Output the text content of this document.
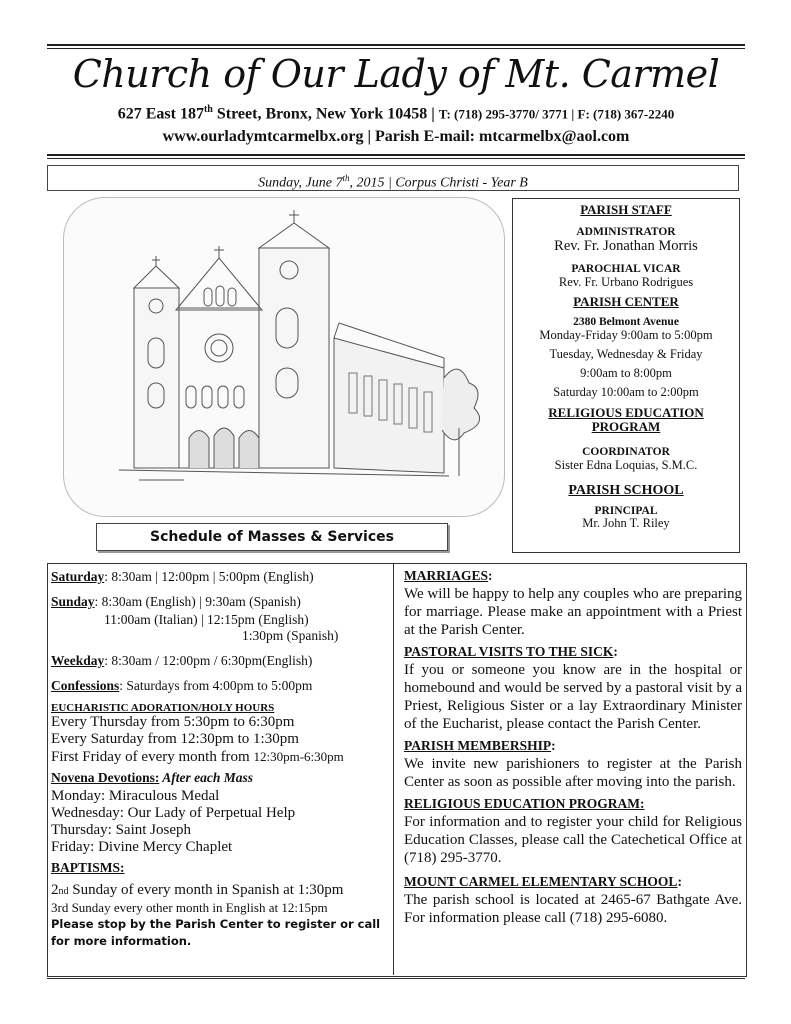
Church of Our Lady of Mt. Carmel
627 East 187th Street, Bronx, New York 10458 | T: (718) 295-3770/ 3771 | F: (718) 367-2240
www.ourladymtcarmelbx.org | Parish E-mail: mtcarmelbx@aol.com
Sunday, June 7th, 2015 | Corpus Christi - Year B
PARISH STAFF
ADMINISTRATOR
Rev. Fr. Jonathan Morris
PAROCHIAL VICAR
Rev. Fr. Urbano Rodrigues
PARISH CENTER
2380 Belmont Avenue
Monday-Friday 9:00am to 5:00pm
Tuesday, Wednesday & Friday
9:00am to 8:00pm
Saturday 10:00am to 2:00pm
RELIGIOUS EDUCATION PROGRAM
COORDINATOR
Sister Edna Loquias, S.M.C.
PARISH SCHOOL
PRINCIPAL
Mr. John T. Riley
Schedule of Masses & Services

Saturday: 8:30am | 12:00pm | 5:00pm (English)

Sunday: 8:30am (English) | 9:30am (Spanish)

11:00am (Italian) | 12:15pm (English)

1:30pm (Spanish)

Weekday: 8:30am / 12:00pm / 6:30pm(English)

Confessions: Saturdays from 4:00pm to 5:00pm

EUCHARISTIC ADORATION/HOLY HOURS

Every Thursday from 5:30pm to 6:30pm

Every Saturday from 12:30pm to 1:30pm

First Friday of every month from 12:30pm-6:30pm

Novena Devotions: After each Mass

Monday: Miraculous Medal

Wednesday: Our Lady of Perpetual Help

Thursday: Saint Joseph

Friday: Divine Mercy Chaplet

BAPTISMS:

2nd Sunday of every month in Spanish at 1:30pm

3rd Sunday every other month in English at 12:15pm

Please stop by the Parish Center to register or call for more information.

MARRIAGES:

We will be happy to help any couples who are preparing for marriage. Please make an appointment with a Priest at the Parish Center.

PASTORAL VISITS TO THE SICK:

If you or someone you know are in the hospital or homebound and would be served by a pastoral visit by a Priest, Religious Sister or a lay Extraordinary Minister of the Eucharist, please contact the Parish Center.

PARISH MEMBERSHIP:

We invite new parishioners to register at the Parish Center as soon as possible after moving into the parish.

RELIGIOUS EDUCATION PROGRAM:

For information and to register your child for Religious Education Classes, please call the Catechetical Office at (718) 295-3770.

MOUNT CARMEL ELEMENTARY SCHOOL:

The parish school is located at 2465-67 Bathgate Ave. For information please call (718) 295-6080.
